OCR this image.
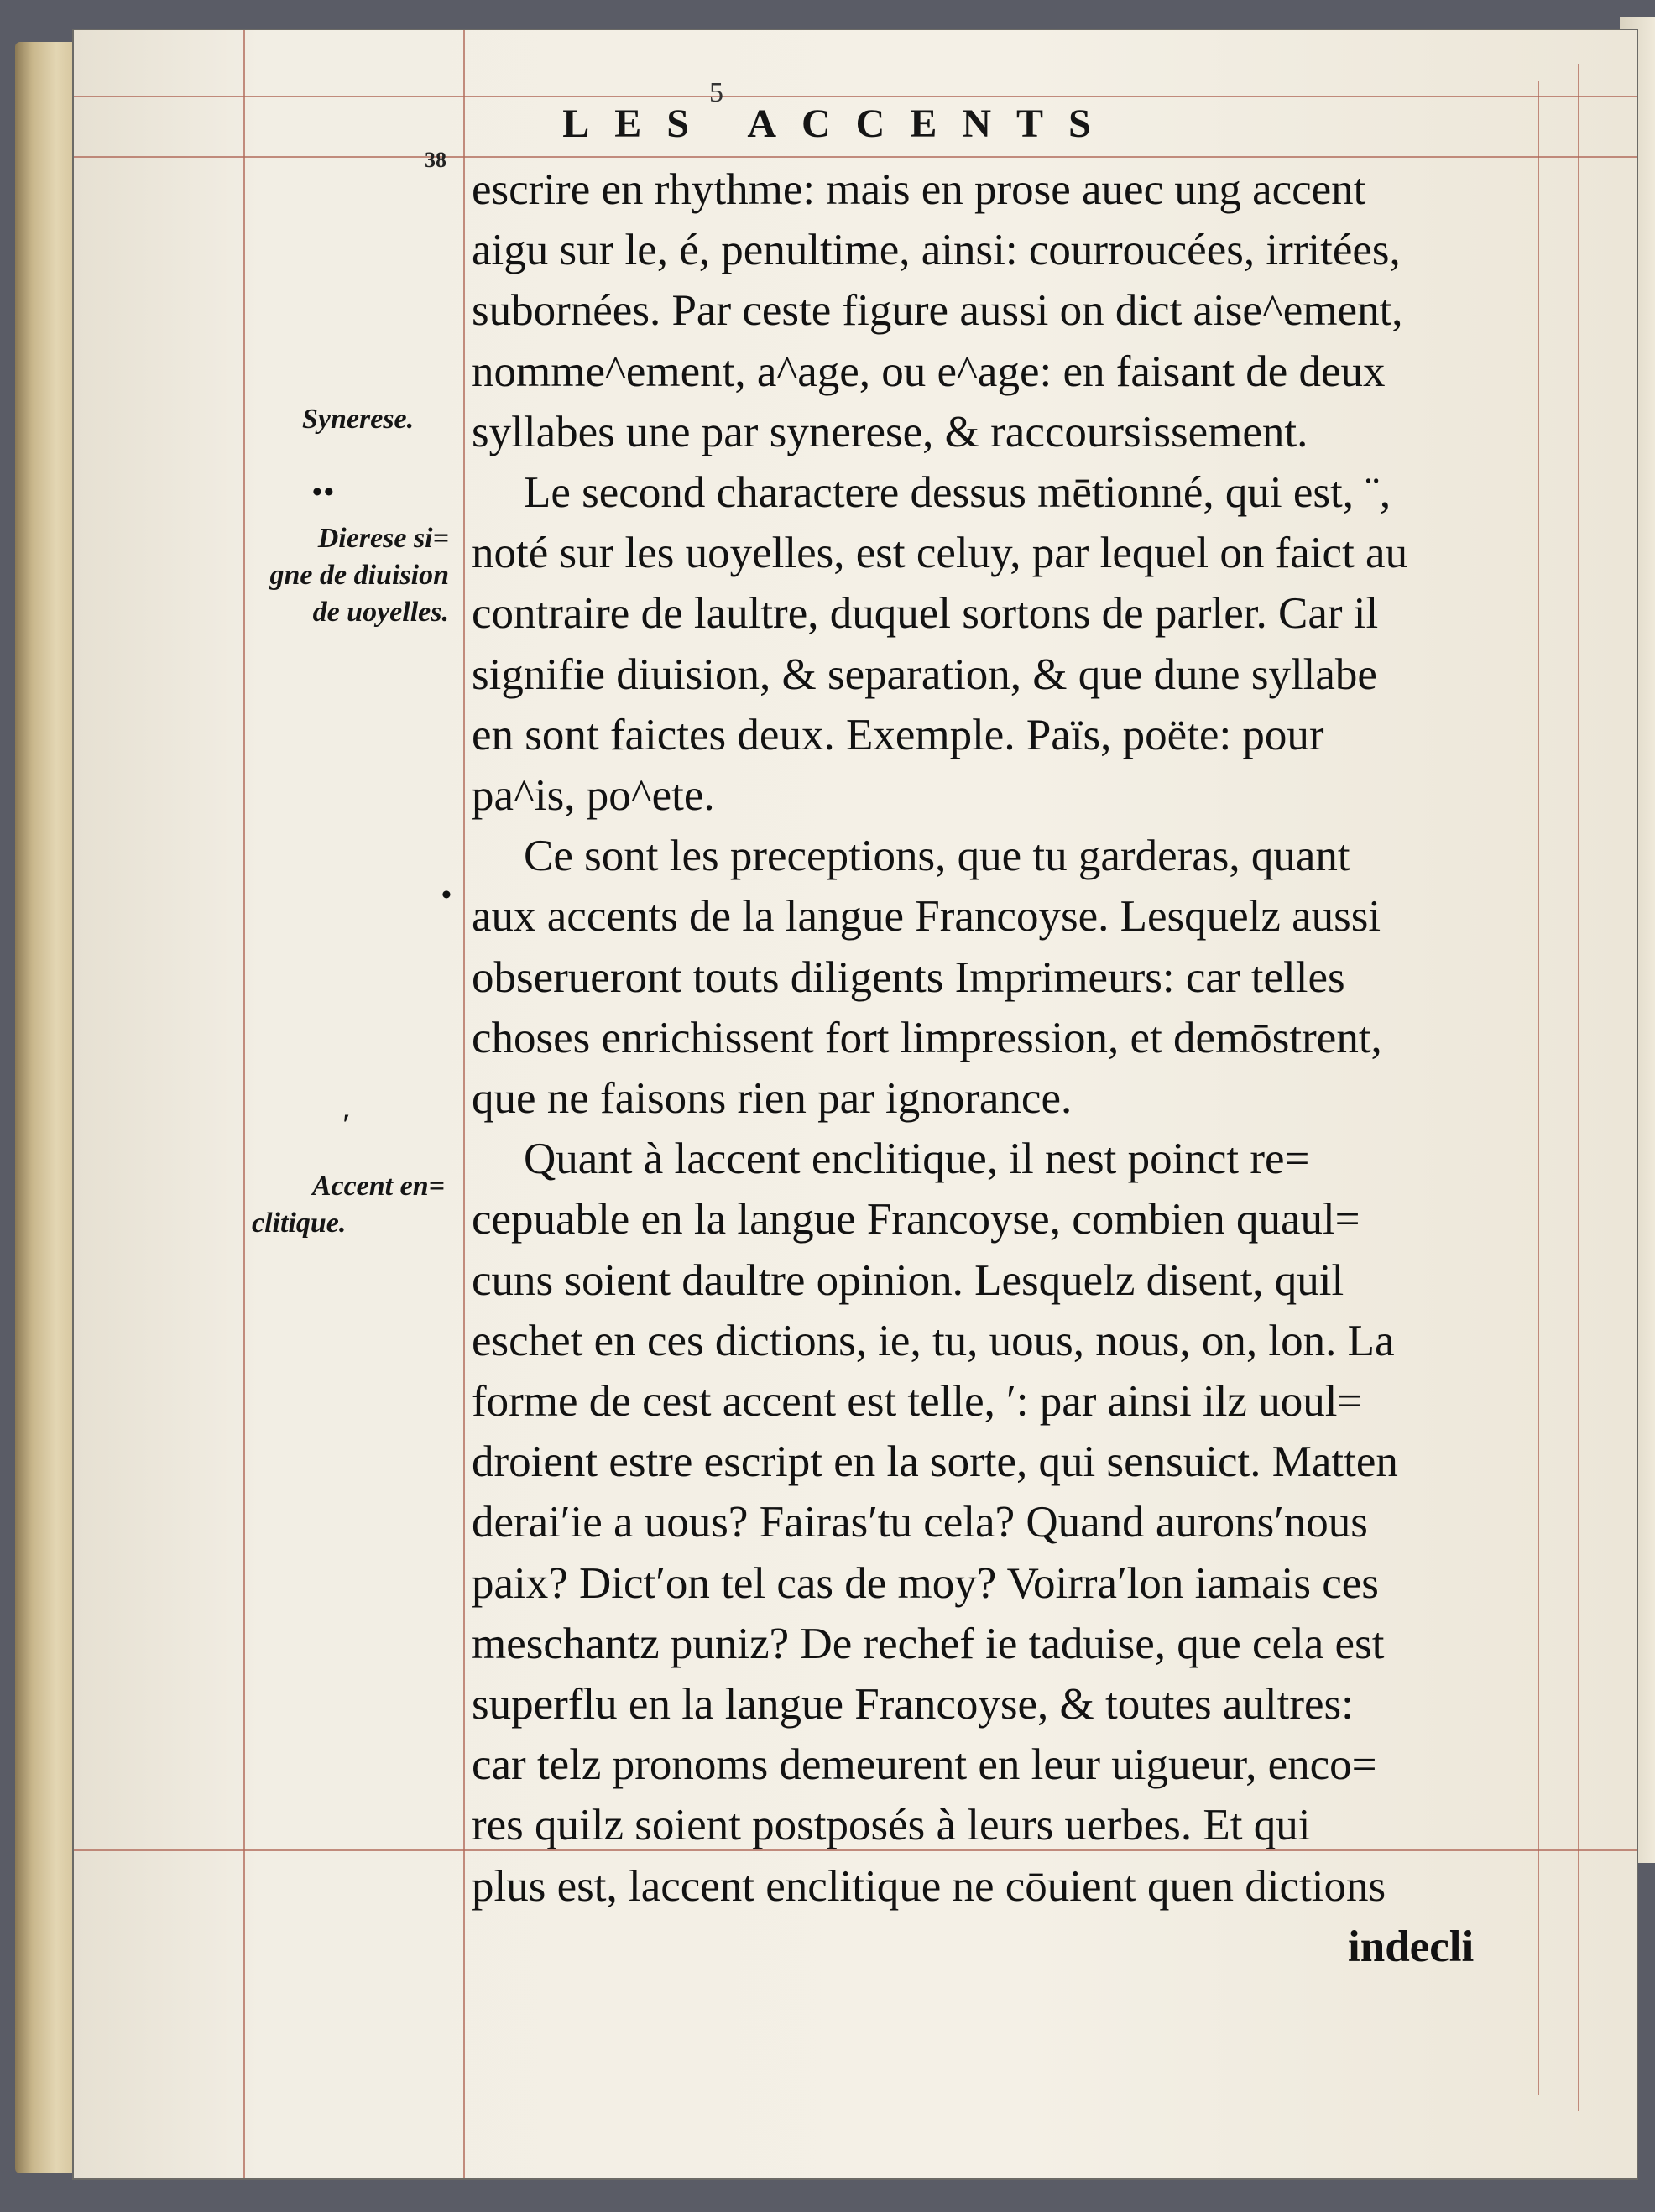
5
38
LES ACCENTS
Synerese.
••
Dierese si=
gne de diuision
de uoyelles.
•
ʹ
Accent en=
clitique.
escrire en rhythme: mais en prose auec ung accent
aigu sur le, é, penultime, ainsi: courroucées, irritées,
subornées. Par ceste figure aussi on dict aise^ement,
nomme^ement, a^age, ou e^age: en faisant de deux
syllabes une par synerese, & raccoursissement.
Le second charactere dessus mētionné, qui est, ¨,
noté sur les uoyelles, est celuy, par lequel on faict au
contraire de laultre, duquel sortons de parler. Car il
signifie diuision, & separation, & que dune syllabe
en sont faictes deux. Exemple. Païs, poëte: pour
pa^is, po^ete.
Ce sont les preceptions, que tu garderas, quant
aux accents de la langue Francoyse. Lesquelz aussi
obserueront touts diligents Imprimeurs: car telles
choses enrichissent fort limpression, et demōstrent,
que ne faisons rien par ignorance.
Quant à laccent enclitique, il nest poinct re=
cepuable en la langue Francoyse, combien quaul=
cuns soient daultre opinion. Lesquelz disent, quil
eschet en ces dictions, ie, tu, uous, nous, on, lon. La
forme de cest accent est telle, ʹ: par ainsi ilz uoul=
droient estre escript en la sorte, qui sensuict. Matten
deraiʹie a uous? Fairasʹtu cela? Quand auronsʹnous
paix? Dictʹon tel cas de moy? Voirraʹlon iamais ces
meschantz puniz? De rechef ie taduise, que cela est
superflu en la langue Francoyse, & toutes aultres:
car telz pronoms demeurent en leur uigueur, enco=
res quilz soient postposés à leurs uerbes. Et qui
plus est, laccent enclitique ne cōuient quen dictions
indecli
